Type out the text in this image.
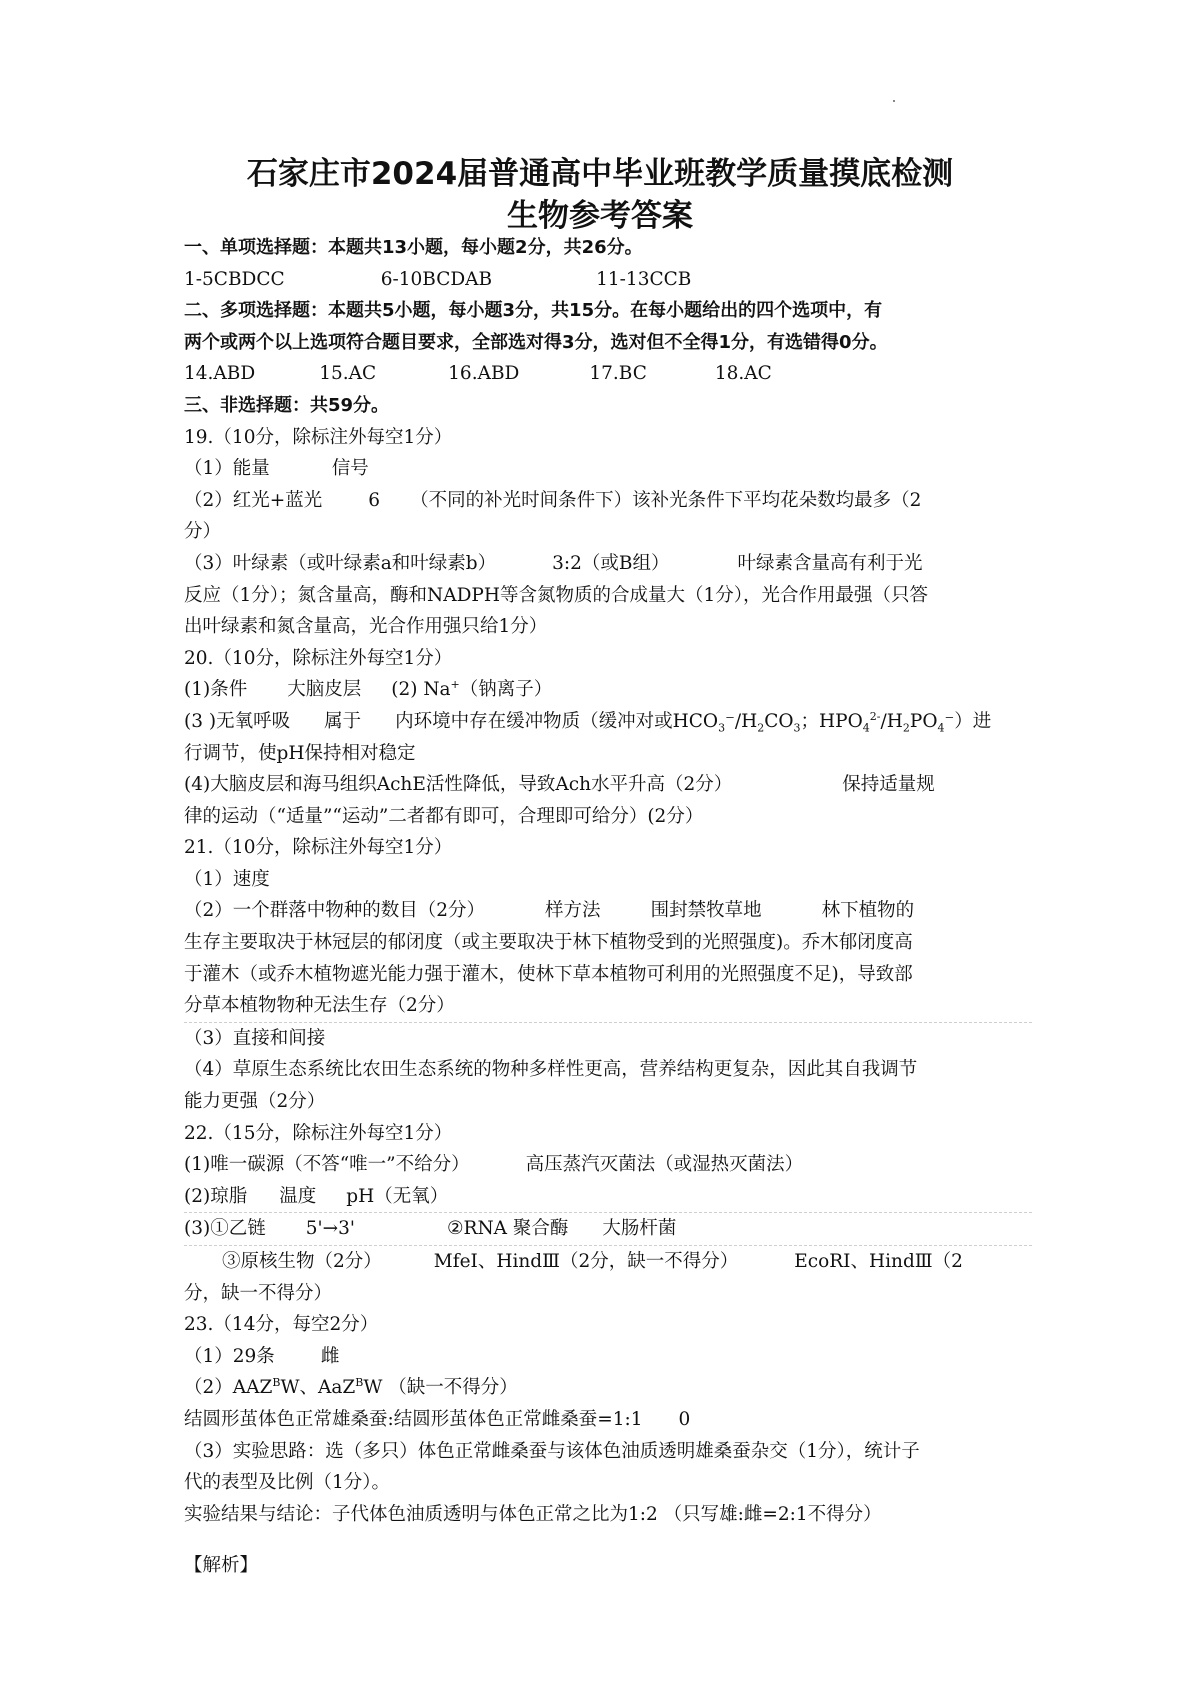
石家庄市2024届普通高中毕业班教学质量摸底检测
生物参考答案
一、单项选择题：本题共13小题，每小题2分，共26分。
1-5CBDCC	6-10BCDAB	11-13CCB
二、多项选择题：本题共5小题，每小题3分，共15分。在每小题给出的四个选项中，有
两个或两个以上选项符合题目要求，全部选对得3分，选对但不全得1分，有选错得0分。
14.ABD	15.AC	16.ABD	17.BC	18.AC
三、非选择题：共59分。
19.（10分，除标注外每空1分）
（1）能量	信号
（2）红光+蓝光 6 （不同的补光时间条件下）该补光条件下平均花朵数均最多（2
分）
（3）叶绿素（或叶绿素a和叶绿素b）	3:2（或B组）	叶绿素含量高有利于光
反应（1分）；氮含量高，酶和NADPH等含氮物质的合成量大（1分），光合作用最强（只答
出叶绿素和氮含量高，光合作用强只给1分）
20.（10分，除标注外每空1分）
(1)条件 大脑皮层 (2) Na+（钠离子）
(3 )无氧呼吸 属于 内环境中存在缓冲物质（缓冲对或$HCO_3^-/H_2CO_3$；$HPO_4^{2-}/H_2PO_4^-$）进
行调节，使pH保持相对稳定
(4)大脑皮层和海马组织AchE活性降低，导致Ach水平升高（2分）	保持适量规
律的运动（“适量”“运动”二者都有即可，合理即可给分）(2分）
21.（10分，除标注外每空1分）
（1）速度
（2）一个群落中物种的数目（2分）	样方法	围封禁牧草地	林下植物的
生存主要取决于林冠层的郁闭度（或主要取决于林下植物受到的光照强度)。乔木郁闭度高
于灌木（或乔木植物遮光能力强于灌木，使林下草本植物可利用的光照强度不足)，导致部
分草本植物物种无法生存（2分）
（3）直接和间接
（4）草原生态系统比农田生态系统的物种多样性更高，营养结构更复杂，因此其自我调节
能力更强（2分）
22.（15分，除标注外每空1分）
(1)唯一碳源（不答“唯一”不给分）	高压蒸汽灭菌法（或湿热灭菌法）
(2)琼脂 温度 pH（无氧）
(3)①乙链 5'→3'	②RNA 聚合酶 大肠杆菌
③原核生物（2分）	MfeI、HindⅢ（2分，缺一不得分）	EcoRI、HindⅢ（2
分，缺一不得分）
23.（14分，每空2分）
（1）29条 雌
$(2)AAZ^BW$、AaZ$^B$W （缺一不得分）
结圆形茧体色正常雄桑蚕:结圆形茧体色正常雌桑蚕=1:1 0
（3）实验思路：选（多只）体色正常雌桑蚕与该体色油质透明雄桑蚕杂交（1分），统计子
代的表型及比例（1分）。
实验结果与结论：子代体色油质透明与体色正常之比为1:2 （只写雄:雌=2:1不得分）
【解析】
